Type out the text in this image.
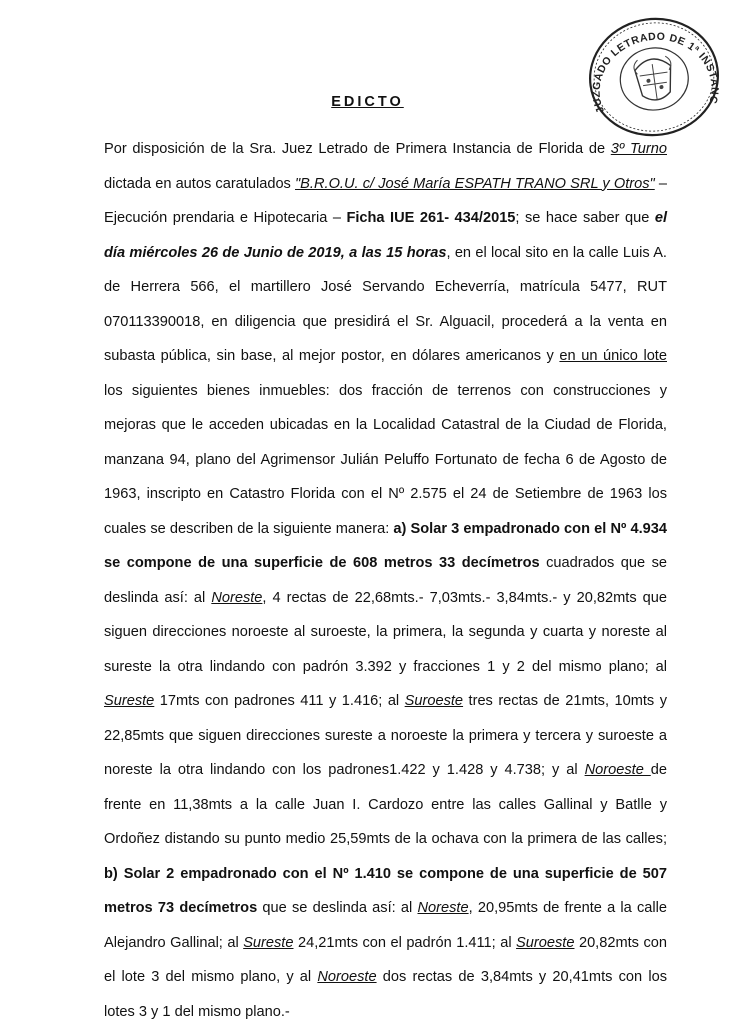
JUZGADO LETRADO DE 1ª INSTANCIA
EDICTO
Por disposición de la Sra. Juez Letrado de Primera Instancia de Florida de 3º Turno dictada en autos caratulados "B.R.O.U. c/ José María ESPATH TRANO SRL y Otros" – Ejecución prendaria e Hipotecaria – Ficha IUE 261- 434/2015; se hace saber que el día miércoles 26 de Junio de 2019, a las 15 horas, en el local sito en la calle Luis A. de Herrera 566, el martillero José Servando Echeverría, matrícula 5477, RUT 070113390018, en diligencia que presidirá el Sr. Alguacil, procederá a la venta en subasta pública, sin base, al mejor postor, en dólares americanos y en un único lote los siguientes bienes inmuebles: dos fracción de terrenos con construcciones y mejoras que le acceden ubicadas en la Localidad Catastral de la Ciudad de Florida, manzana 94, plano del Agrimensor Julián Peluffo Fortunato de fecha 6 de Agosto de 1963, inscripto en Catastro Florida con el Nº 2.575 el 24 de Setiembre de 1963 los cuales se describen de la siguiente manera: a) Solar 3 empadronado con el Nº 4.934 se compone de una superficie de 608 metros 33 decímetros cuadrados que se deslinda así: al Noreste, 4 rectas de 22,68mts.- 7,03mts.- 3,84mts.- y 20,82mts que siguen direcciones noroeste al suroeste, la primera, la segunda y cuarta y noreste al sureste la otra lindando con padrón 3.392 y fracciones 1 y 2 del mismo plano; al Sureste 17mts con padrones 411 y 1.416; al Suroeste tres rectas de 21mts, 10mts y 22,85mts que siguen direcciones sureste a noroeste la primera y tercera y suroeste a noreste la otra lindando con los padrones1.422 y 1.428 y 4.738; y al Noroeste de frente en 11,38mts a la calle Juan I. Cardozo entre las calles Gallinal y Batlle y Ordoñez distando su punto medio 25,59mts de la ochava con la primera de las calles; b) Solar 2 empadronado con el Nº 1.410 se compone de una superficie de 507 metros 73 decímetros que se deslinda así: al Noreste, 20,95mts de frente a la calle Alejandro Gallinal; al Sureste 24,21mts con el padrón 1.411; al Suroeste 20,82mts con el lote 3 del mismo plano, y al Noroeste dos rectas de 3,84mts y 20,41mts con los lotes 3 y 1 del mismo plano.-
